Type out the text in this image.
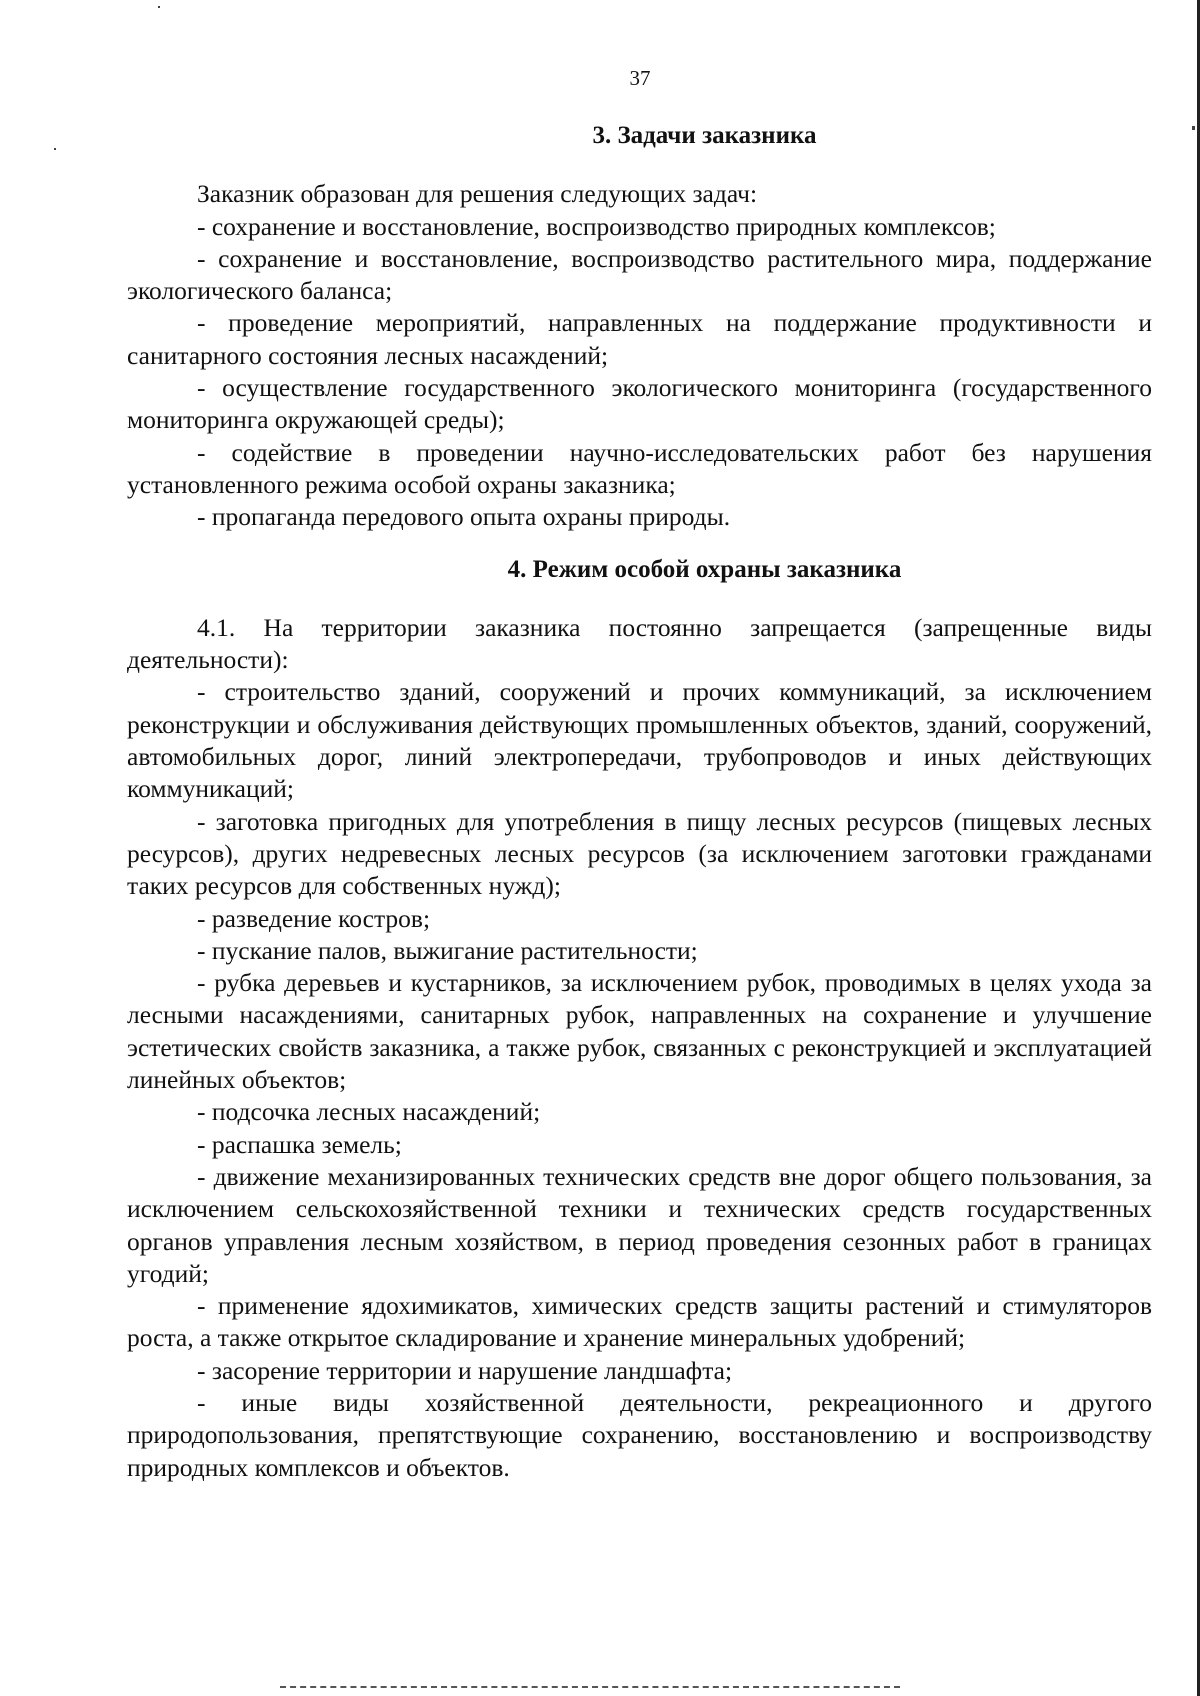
37
3. Задачи заказника

Заказник образован для решения следующих задач:

- сохранение и восстановление, воспроизводство природных комплексов;

- сохранение и восстановление, воспроизводство растительного мира, поддержание экологического баланса;

- проведение мероприятий, направленных на поддержание продуктивности и санитарного состояния лесных насаждений;

- осуществление государственного экологического мониторинга (государственного мониторинга окружающей среды);

- содействие в проведении научно-исследовательских работ без нарушения установленного режима особой охраны заказника;

- пропаганда передового опыта охраны природы.

4. Режим особой охраны заказника

4.1. На территории заказника постоянно запрещается (запрещенные виды деятельности):

- строительство зданий, сооружений и прочих коммуникаций, за исключением реконструкции и обслуживания действующих промышленных объектов, зданий, сооружений, автомобильных дорог, линий электропередачи, трубопроводов и иных действующих коммуникаций;

- заготовка пригодных для употребления в пищу лесных ресурсов (пищевых лесных ресурсов), других недревесных лесных ресурсов (за исключением заготовки гражданами таких ресурсов для собственных нужд);

- разведение костров;

- пускание палов, выжигание растительности;

- рубка деревьев и кустарников, за исключением рубок, проводимых в целях ухода за лесными насаждениями, санитарных рубок, направленных на сохранение и улучшение эстетических свойств заказника, а также рубок, связанных с реконструкцией и эксплуатацией линейных объектов;

- подсочка лесных насаждений;

- распашка земель;

- движение механизированных технических средств вне дорог общего пользования, за исключением сельскохозяйственной техники и технических средств государственных органов управления лесным хозяйством, в период проведения сезонных работ в границах угодий;

- применение ядохимикатов, химических средств защиты растений и стимуляторов роста, а также открытое складирование и хранение минеральных удобрений;

- засорение территории и нарушение ландшафта;

- иные виды хозяйственной деятельности, рекреационного и другого природопользования, препятствующие сохранению, восстановлению и воспроизводству природных комплексов и объектов.
